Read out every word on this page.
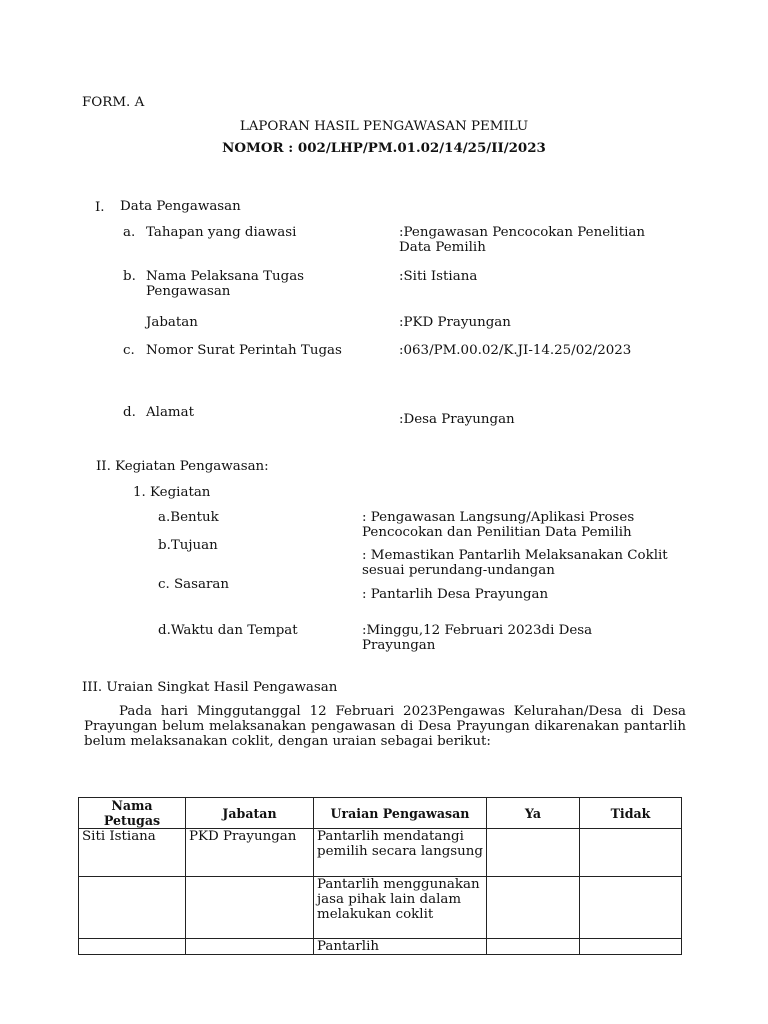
FORM. A
LAPORAN HASIL PENGAWASAN PEMILU
NOMOR : 002/LHP/PM.01.02/14/25/II/2023
I. Data Pengawasan
a. Tahapan yang diawasi	:Pengawasan Pencocokan Penelitian Data Pemilih
b. Nama Pelaksana Tugas Pengawasan
:Siti Istiana
Jabatan	:PKD Prayungan
c. Nomor Surat Perintah Tugas	:063/PM.00.02/K.JI-14.25/02/2023
d. Alamat	:Desa Prayungan
II. Kegiatan Pengawasan:
1. Kegiatan
a.Bentuk	: Pengawasan Langsung/Aplikasi Proses Pencocokan dan Penilitian Data Pemilih
b.Tujuan
: Memastikan Pantarlih Melaksanakan Coklit sesuai perundang-undangan
c. Sasaran
: Pantarlih Desa Prayungan
d.Waktu dan Tempat	:Minggu,12 Februari 2023di Desa Prayungan
III. Uraian Singkat Hasil Pengawasan
Pada hari Minggutanggal 12 Februari 2023Pengawas Kelurahan/Desa di Desa Prayungan belum melaksanakan pengawasan di Desa Prayungan dikarenakan pantarlih belum melaksanakan coklit, dengan uraian sebagai berikut:
Nama Petugas	Jabatan	Uraian Pengawasan	Ya	Tidak
Siti Istiana	PKD Prayungan	Pantarlih mendatangi pemilih secara langsung		
		Pantarlih menggunakan jasa pihak lain dalam melakukan coklit		
		Pantarlih		
